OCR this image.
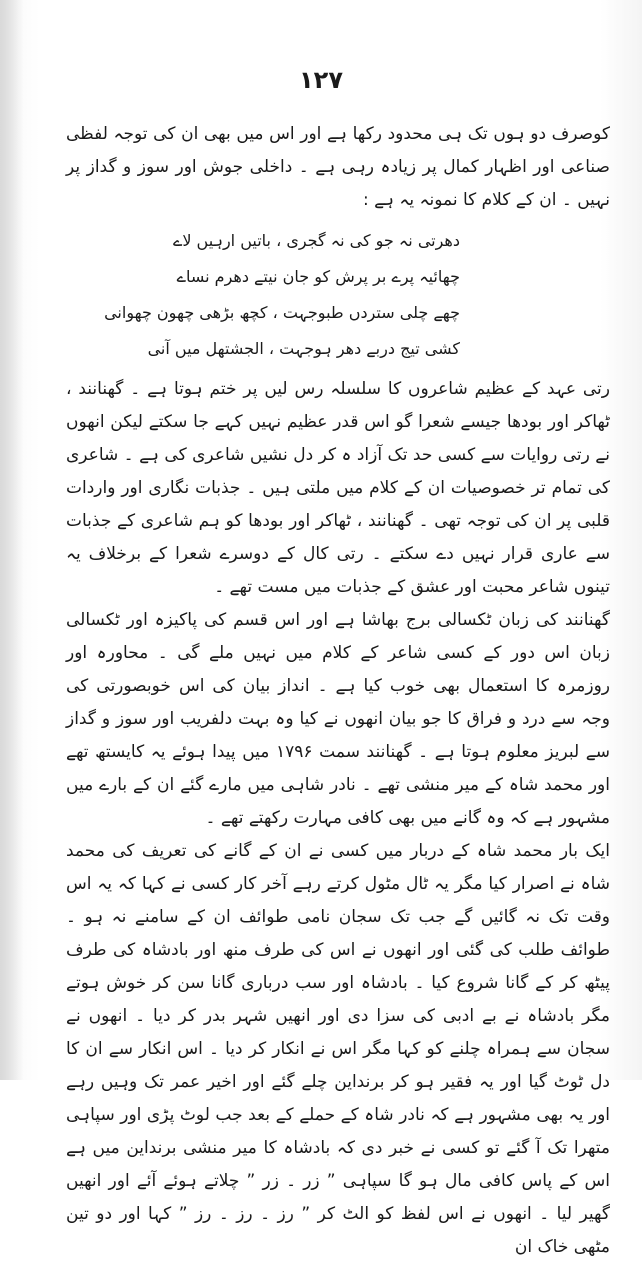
۱۲۷

کوصرف دو ہوں تک ہی محدود رکھا ہے اور اس میں بھی ان کی توجہ لفظی صناعی اور اظہار کمال پر زیادہ رہی ہے ۔ داخلی جوش اور سوز و گداز پر نہیں ۔ ان کے کلام کا نمونہ یہ ہے :

دھرتی نہ جو کی نہ گجری ، باتیں ارہیں لاے
چھائیہ پرے بر پرش کو جان نیتے دھرم نساے
چھے چلی ستردں طبوجہت ، کچھ بڑھی چھون چھوانی
کشی تیج دربے دھر ہوجہت ، الجشتھل میں آنی

رتی عہد کے عظیم شاعروں کا سلسلہ رس لیں پر ختم ہوتا ہے ۔ گھنانند ، ٹھاکر اور بودھا جیسے شعرا گو اس قدر عظیم نہیں کہے جا سکتے لیکن انھوں نے رتی روایات سے کسی حد تک آزاد ہ کر دل نشیں شاعری کی ہے ۔ شاعری کی تمام تر خصوصیات ان کے کلام میں ملتی ہیں ۔ جذبات نگاری اور واردات قلبی پر ان کی توجہ تھی ۔ گھنانند ، ٹھاکر اور بودھا کو ہم شاعری کے جذبات سے عاری قرار نہیں دے سکتے ۔ رتی کال کے دوسرے شعرا کے برخلاف یہ تینوں شاعر محبت اور عشق کے جذبات میں مست تھے ۔

گھنانند کی زبان ٹکسالی برج بھاشا ہے اور اس قسم کی پاکیزہ اور ٹکسالی زبان اس دور کے کسی شاعر کے کلام میں نہیں ملے گی ۔ محاورہ اور روزمرہ کا استعمال بھی خوب کیا ہے ۔ انداز بیان کی اس خوبصورتی کی وجہ سے درد و فراق کا جو بیان انھوں نے کیا وہ بہت دلفریب اور سوز و گداز سے لبریز معلوم ہوتا ہے ۔ گھنانند سمت ۱۷۹۶ میں پیدا ہوئے یہ کایستھ تھے اور محمد شاہ کے میر منشی تھے ۔ نادر شاہی میں مارے گئے ان کے بارے میں مشہور ہے کہ وہ گانے میں بھی کافی مہارت رکھتے تھے ۔

ایک بار محمد شاہ کے دربار میں کسی نے ان کے گانے کی تعریف کی محمد شاہ نے اصرار کیا مگر یہ ٹال مٹول کرتے رہے آخر کار کسی نے کہا کہ یہ اس وقت تک نہ گائیں گے جب تک سجان نامی طوائف ان کے سامنے نہ ہو ۔ طوائف طلب کی گئی اور انھوں نے اس کی طرف منھ اور بادشاہ کی طرف پیٹھ کر کے گانا شروع کیا ۔ بادشاہ اور سب درباری گانا سن کر خوش ہوتے مگر بادشاہ نے بے ادبی کی سزا دی اور انھیں شہر بدر کر دیا ۔ انھوں نے سجان سے ہمراہ چلنے کو کہا مگر اس نے انکار کر دیا ۔ اس انکار سے ان کا دل ٹوٹ گیا اور یہ فقیر ہو کر برنداین چلے گئے اور اخیر عمر تک وہیں رہے اور یہ بھی مشہور ہے کہ نادر شاہ کے حملے کے بعد جب لوٹ پڑی اور سپاہی متھرا تک آ گئے تو کسی نے خبر دی کہ بادشاہ کا میر منشی برنداین میں ہے اس کے پاس کافی مال ہو گا سپاہی ” زر ۔ زر ” چلاتے ہوئے آئے اور انھیں گھیر لیا ۔ انھوں نے اس لفظ کو الٹ کر ” رز ۔ رز ۔ رز ” کہا اور دو تین مٹھی خاک ان
